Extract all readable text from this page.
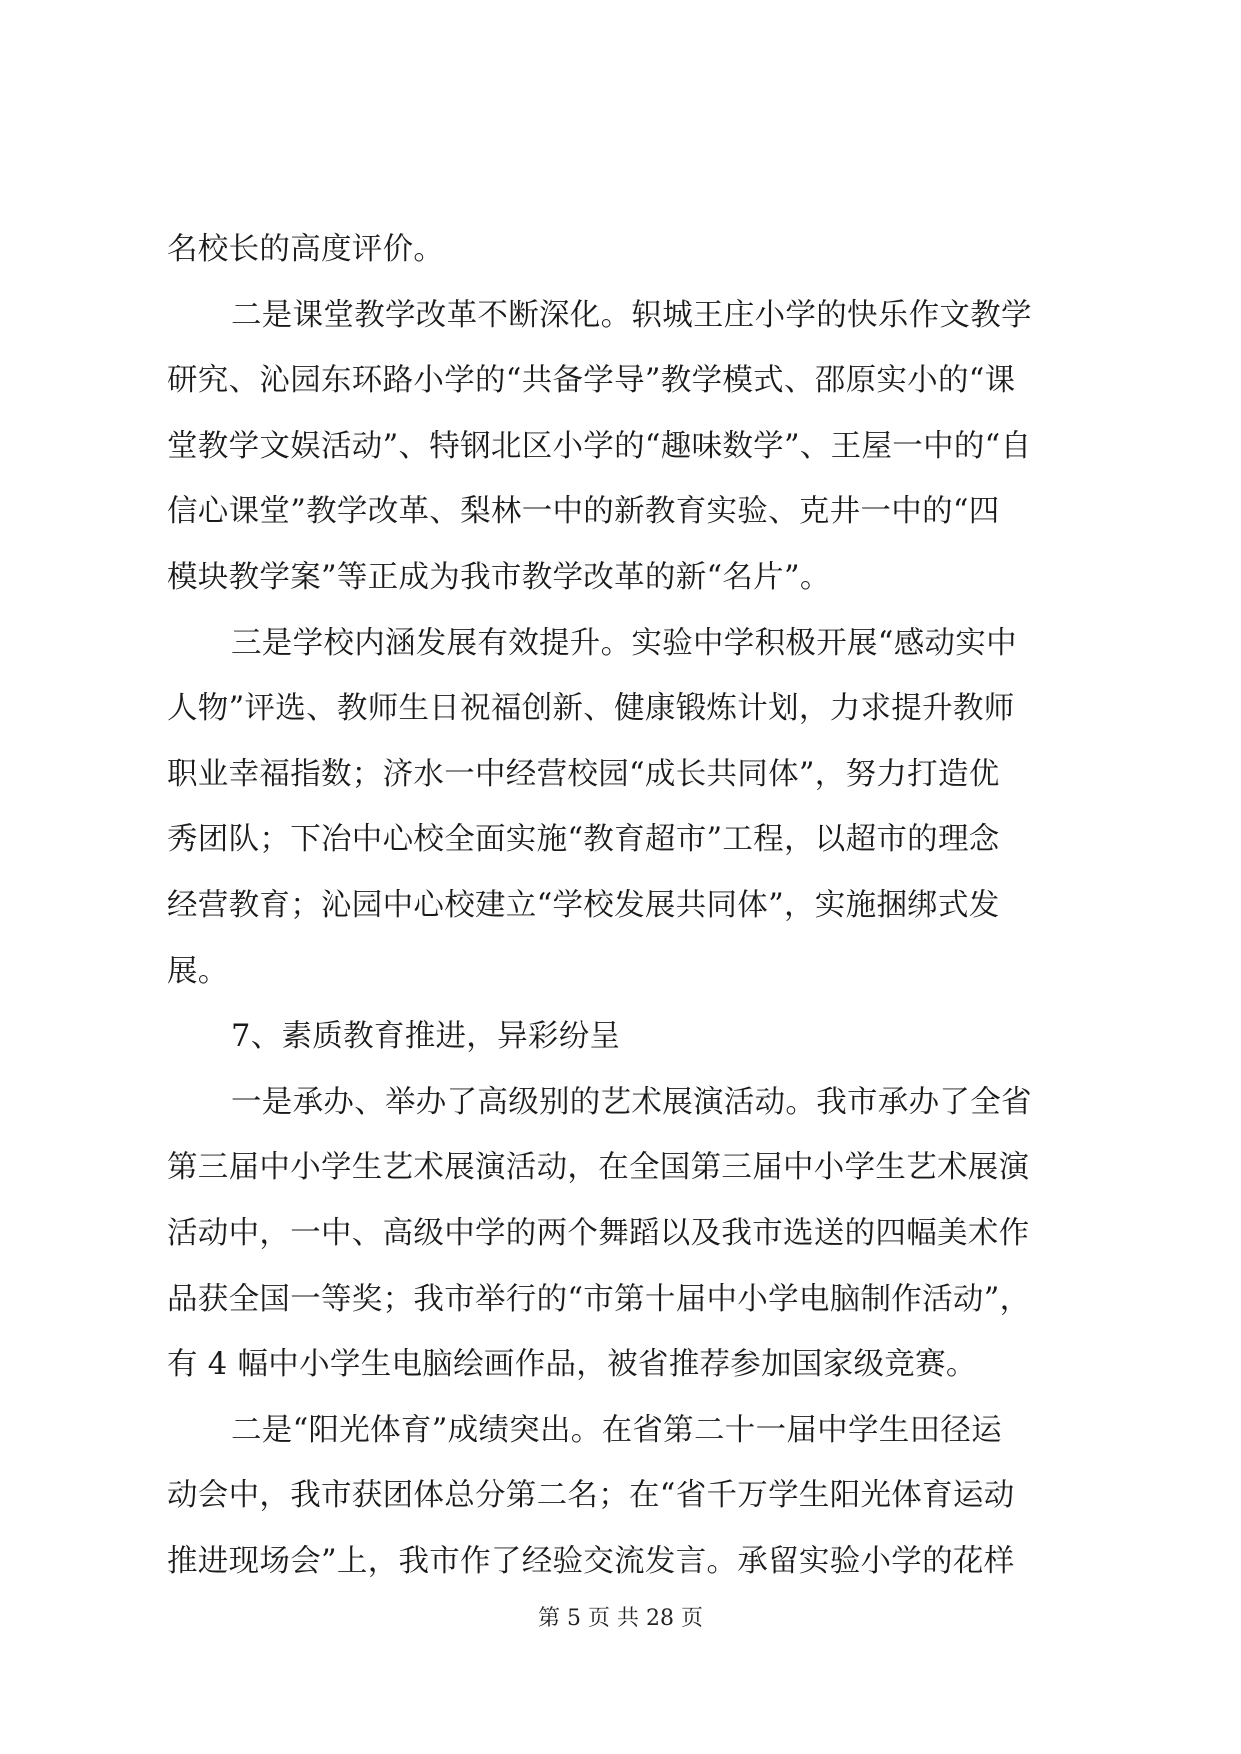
名校长的高度评价。
二是课堂教学改革不断深化。轵城王庄小学的快乐作文教学
研究、沁园东环路小学的“共备学导”教学模式、邵原实小的“课
堂教学文娱活动”、特钢北区小学的“趣味数学”、王屋一中的“自
信心课堂”教学改革、梨林一中的新教育实验、克井一中的“四
模块教学案”等正成为我市教学改革的新“名片”。
三是学校内涵发展有效提升。实验中学积极开展“感动实中
人物”评选、教师生日祝福创新、健康锻炼计划，力求提升教师
职业幸福指数；济水一中经营校园“成长共同体”，努力打造优
秀团队；下冶中心校全面实施“教育超市”工程，以超市的理念
经营教育；沁园中心校建立“学校发展共同体”，实施捆绑式发
展。
7、素质教育推进，异彩纷呈
一是承办、举办了高级别的艺术展演活动。我市承办了全省
第三届中小学生艺术展演活动，在全国第三届中小学生艺术展演
活动中，一中、高级中学的两个舞蹈以及我市选送的四幅美术作
品获全国一等奖；我市举行的“市第十届中小学电脑制作活动”，
有 4 幅中小学生电脑绘画作品，被省推荐参加国家级竞赛。
二是“阳光体育”成绩突出。在省第二十一届中学生田径运
动会中，我市获团体总分第二名；在“省千万学生阳光体育运动
推进现场会”上，我市作了经验交流发言。承留实验小学的花样
第 5 页 共 28 页
